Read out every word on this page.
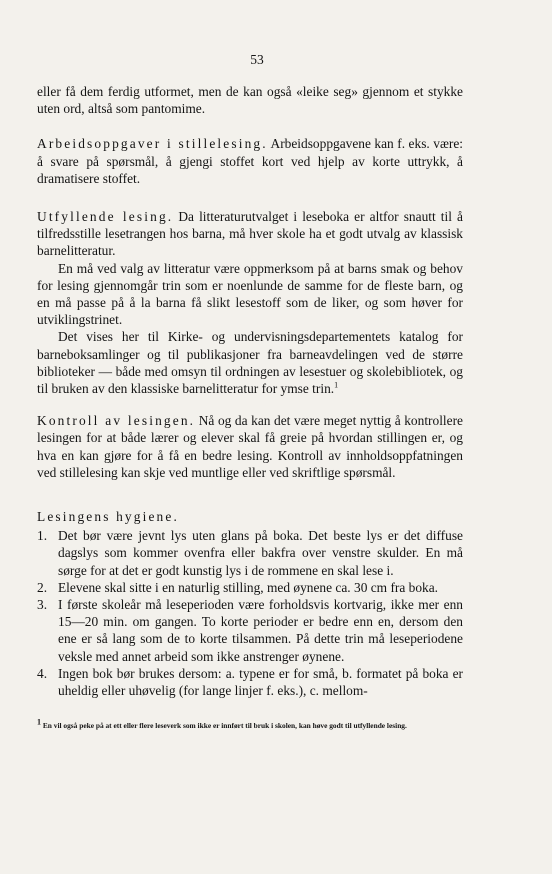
53

eller få dem ferdig utformet, men de kan også «leike seg» gjennom et stykke uten ord, altså som pantomime.

Arbeidsoppgaver i stillelesing. Arbeidsoppgavene kan f. eks. være: å svare på spørsmål, å gjengi stoffet kort ved hjelp av korte uttrykk, å dramatisere stoffet.

Utfyllende lesing. Da litteraturutvalget i leseboka er altfor snautt til å tilfredsstille lesetrangen hos barna, må hver skole ha et godt utvalg av klassisk barnelitteratur.

En må ved valg av litteratur være oppmerksom på at barns smak og behov for lesing gjennomgår trin som er noenlunde de samme for de fleste barn, og en må passe på å la barna få slikt lesestoff som de liker, og som høver for utviklingstrinet.

Det vises her til Kirke- og undervisningsdepartementets katalog for barneboksamlinger og til publikasjoner fra barneavdelingen ved de større biblioteker — både med omsyn til ordningen av lesestuer og skolebibliotek, og til bruken av den klassiske barnelitteratur for ymse trin.$^1$

Kontroll av lesingen. Nå og da kan det være meget nyttig å kontrollere lesingen for at både lærer og elever skal få greie på hvordan stillingen er, og hva en kan gjøre for å få en bedre lesing. Kontroll av innholdsoppfatningen ved stillelesing kan skje ved muntlige eller ved skriftlige spørsmål.

Lesingens hygiene.
1. Det bør være jevnt lys uten glans på boka. Det beste lys er det diffuse dagslys som kommer ovenfra eller bakfra over venstre skulder. En må sørge for at det er godt kunstig lys i de rommene en skal lese i.
2. Elevene skal sitte i en naturlig stilling, med øynene ca. 30 cm fra boka.
3. I første skoleår må leseperioden være forholdsvis kortvarig, ikke mer enn 15—20 min. om gangen. To korte perioder er bedre enn en, dersom den ene er så lang som de to korte tilsammen. På dette trin må leseperiodene veksle med annet arbeid som ikke anstrenger øynene.
4. Ingen bok bør brukes dersom: a. typene er for små, b. formatet på boka er uheldig eller uhøvelig (for lange linjer f. eks.), c. mellom-

$^1$ En vil også peke på at ett eller flere leseverk som ikke er innført til bruk i skolen, kan høve godt til utfyllende lesing.
